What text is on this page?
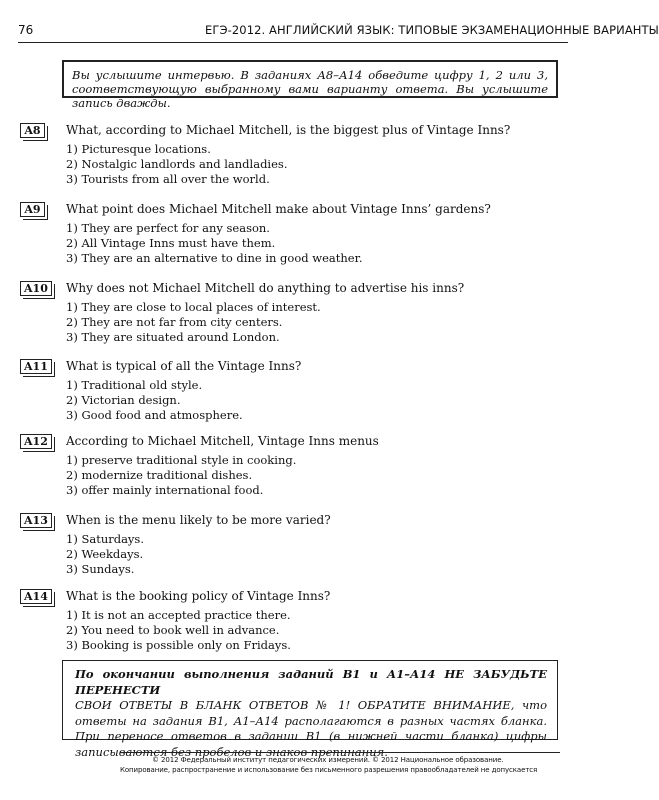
76	ЕГЭ-2012. АНГЛИЙСКИЙ ЯЗЫК: ТИПОВЫЕ ЭКЗАМЕНАЦИОННЫЕ ВАРИАНТЫ
Вы услышите интервью. В заданиях А8–А14 обведите цифру 1, 2 или 3, соответствующую выбранному вами варианту ответа. Вы услышите запись дважды.
A8	What, according to Michael Mitchell, is the biggest plus of Vintage Inns?
1) Picturesque locations.
2) Nostalgic landlords and landladies.
3) Tourists from all over the world.
A9	What point does Michael Mitchell make about Vintage Inns’ gardens?
1) They are perfect for any season.
2) All Vintage Inns must have them.
3) They are an alternative to dine in good weather.
A10	Why does not Michael Mitchell do anything to advertise his inns?
1) They are close to local places of interest.
2) They are not far from city centers.
3) They are situated around London.
A11	What is typical of all the Vintage Inns?
1) Traditional old style.
2) Victorian design.
3) Good food and atmosphere.
A12	According to Michael Mitchell, Vintage Inns menus
1) preserve traditional style in cooking.
2) modernize traditional dishes.
3) offer mainly international food.
A13	When is the menu likely to be more varied?
1) Saturdays.
2) Weekdays.
3) Sundays.
A14	What is the booking policy of Vintage Inns?
1) It is not an accepted practice there.
2) You need to book well in advance.
3) Booking is possible only on Fridays.
По окончании выполнения заданий В1 и А1–А14 НЕ ЗАБУДЬТЕ ПЕРЕНЕСТИ
СВОИ ОТВЕТЫ В БЛАНК ОТВЕТОВ № 1! ОБРАТИТЕ ВНИМАНИЕ, что ответы на задания В1, А1–А14 располагаются в разных частях бланка. При переносе ответов в задании В1 (в нижней части бланка) цифры записываются без пробелов и знаков препинания.
© 2012 Федеральный институт педагогических измерений. © 2012 Национальное образование.
Копирование, распространение и использование без письменного разрешения правообладателей не допускается
